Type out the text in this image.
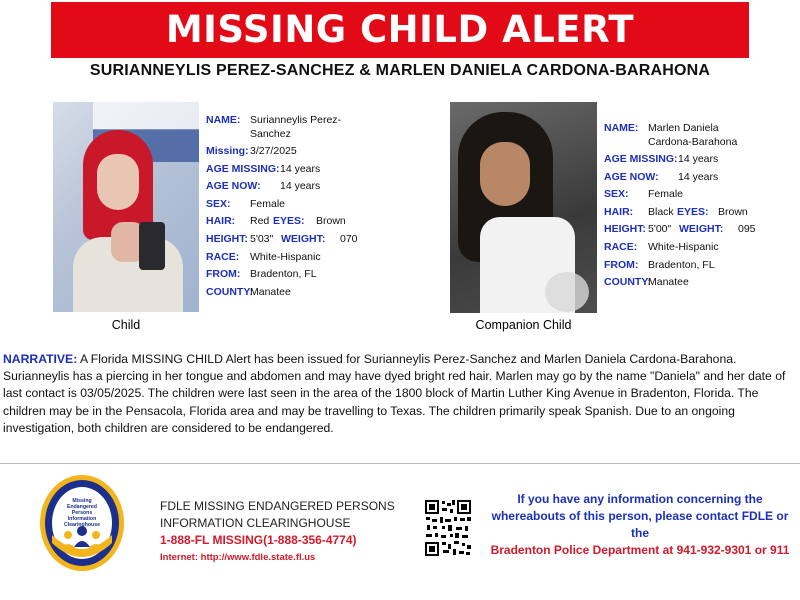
MISSING CHILD ALERT
SURIANNEYLIS PEREZ-SANCHEZ & MARLEN DANIELA CARDONA-BARAHONA
Child
NAME: Surianneylis Perez-
Sanchez
Missing: 3/27/2025
AGE MISSING: 14 years
AGE NOW:	14 years
SEX:	Female
HAIR:	Red EYES:	Brown
HEIGHT: 5'03" WEIGHT:	070
RACE:	White-Hispanic
FROM: Bradenton, FL
COUNTY:
Manatee
Companion Child
NAME: Marlen Daniela
Cardona-Barahona
AGE MISSING: 14 years
AGE NOW:	14 years
SEX:	Female
HAIR:	Black EYES: Brown
HEIGHT: 5'00" WEIGHT:	095
RACE:	White-Hispanic
FROM: Bradenton, FL
COUNTY:
Manatee
NARRATIVE: A Florida MISSING CHILD Alert has been issued for Surianneylis Perez-Sanchez and Marlen Daniela Cardona-Barahona. Surianneylis has a piercing in her tongue and abdomen and may have dyed bright red hair. Marlen may go by the name "Daniela" and her date of last contact is 03/05/2025. The children were last seen in the area of the 1800 block of Martin Luther King Avenue in Bradenton, Florida. The children may be in the Pensacola, Florida area and may be travelling to Texas. The children primarily speak Spanish. Due to an ongoing investigation, both children are considered to be endangered.
Missing
Endangered
Persons
Information
Clearinghouse
FDLE MISSING ENDANGERED PERSONS
INFORMATION CLEARINGHOUSE
1-888-FL MISSING(1-888-356-4774)
Internet: http://www.fdle.state.fl.us
If you have any information concerning the
whereabouts of this person, please contact FDLE or the
Bradenton Police Department at 941-932-9301 or 911
